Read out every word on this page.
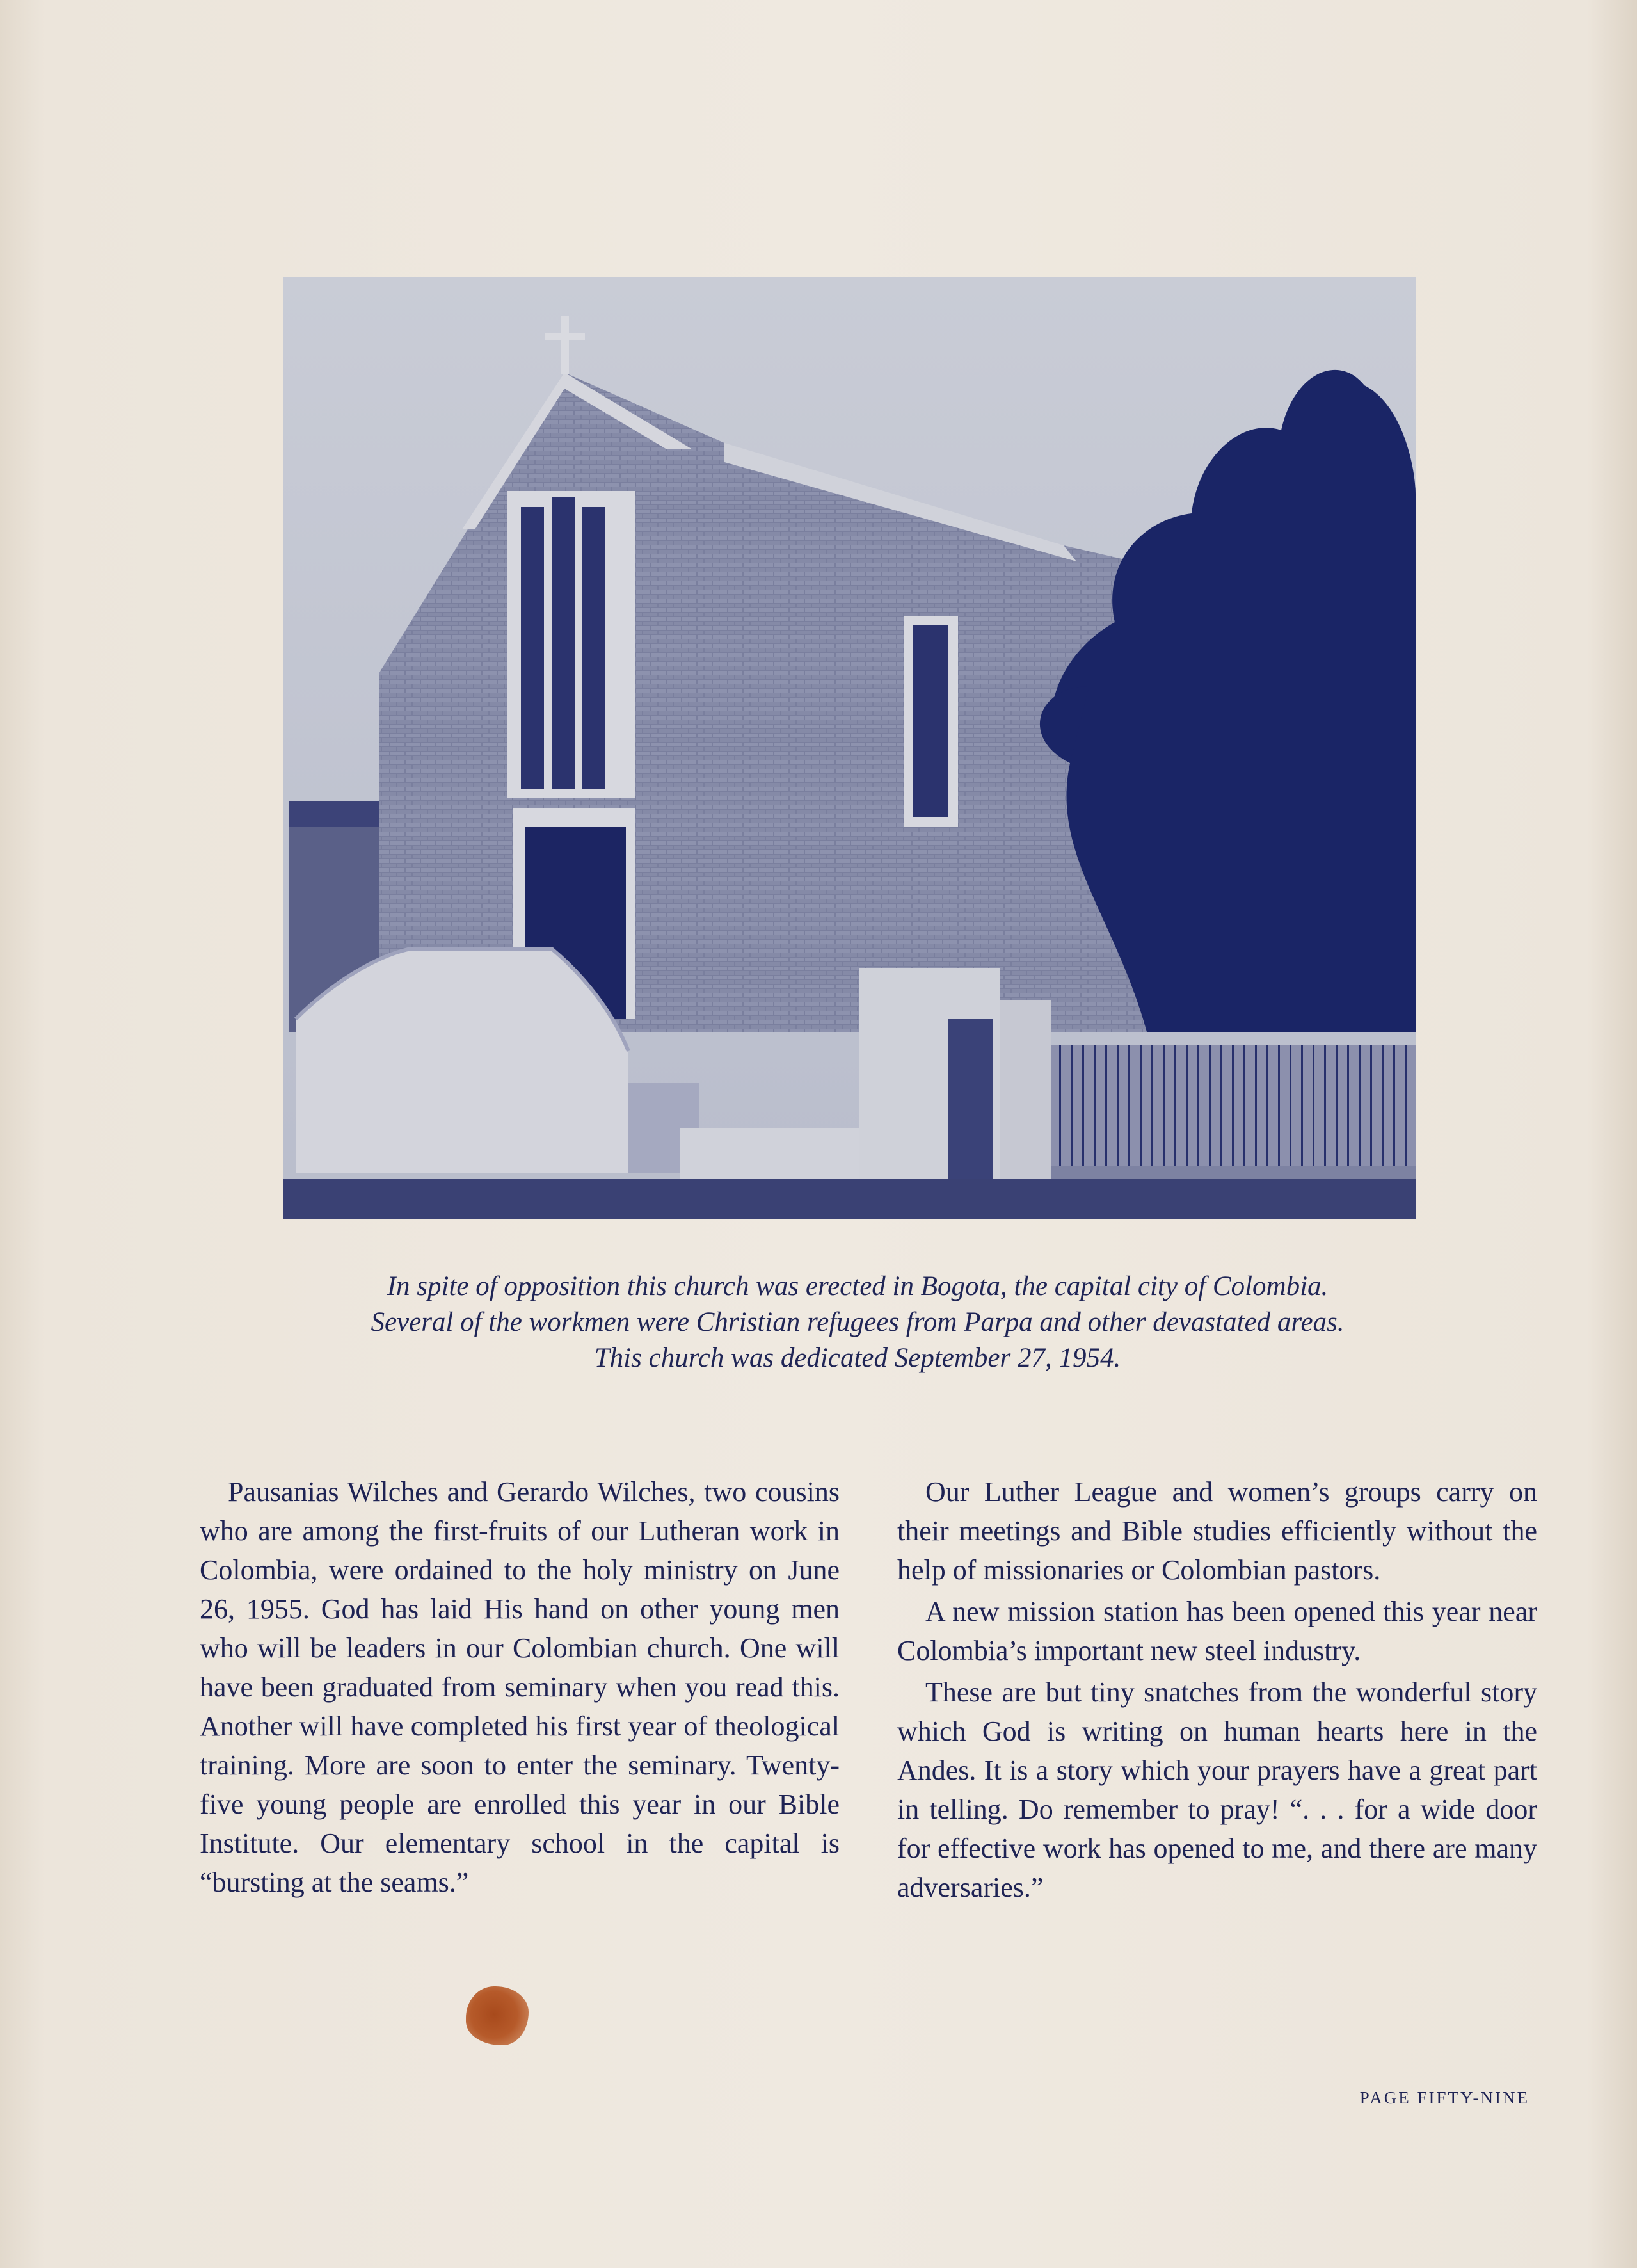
In spite of opposition this church was erected in Bogota, the capital city of Colombia. Several of the workmen were Christian refugees from Parpa and other devastated areas. This church was dedicated September 27, 1954.

Pausanias Wilches and Gerardo Wilches, two cousins who are among the first-fruits of our Lutheran work in Colombia, were ordained to the holy ministry on June 26, 1955. God has laid His hand on other young men who will be leaders in our Colombian church. One will have been graduated from seminary when you read this. Another will have completed his first year of theological training. More are soon to enter the seminary. Twenty-five young people are enrolled this year in our Bible Institute. Our elementary school in the capital is “bursting at the seams.”

Our Luther League and women’s groups carry on their meetings and Bible studies efficiently without the help of missionaries or Colombian pastors.

A new mission station has been opened this year near Colombia’s important new steel industry.

These are but tiny snatches from the wonderful story which God is writing on human hearts here in the Andes. It is a story which your prayers have a great part in telling. Do remember to pray! “. . . for a wide door for effective work has opened to me, and there are many adversaries.”

PAGE FIFTY-NINE
